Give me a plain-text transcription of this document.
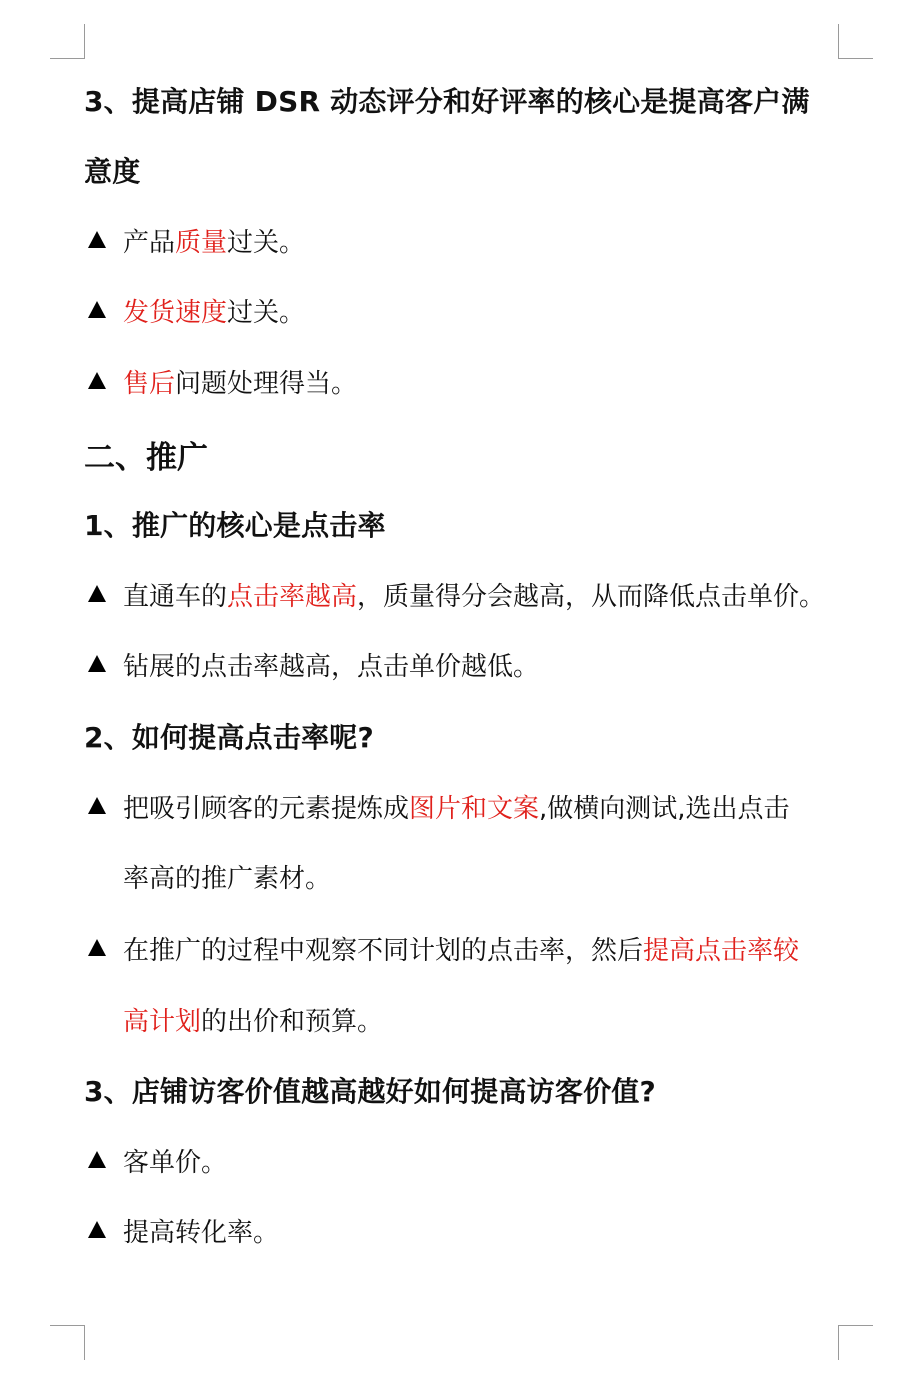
3、提高店铺 DSR 动态评分和好评率的核心是提高客户满
意度
产品质量过关。
发货速度过关。
售后问题处理得当。
二、推广
1、推广的核心是点击率
直通车的点击率越高，质量得分会越高，从而降低点击单价。
钻展的点击率越高，点击单价越低。
2、如何提高点击率呢?
把吸引顾客的元素提炼成图片和文案,做横向测试,选出点击
率高的推广素材。
在推广的过程中观察不同计划的点击率，然后提高点击率较
高计划的出价和预算。
3、店铺访客价值越高越好如何提高访客价值?
客单价。
提高转化率。
